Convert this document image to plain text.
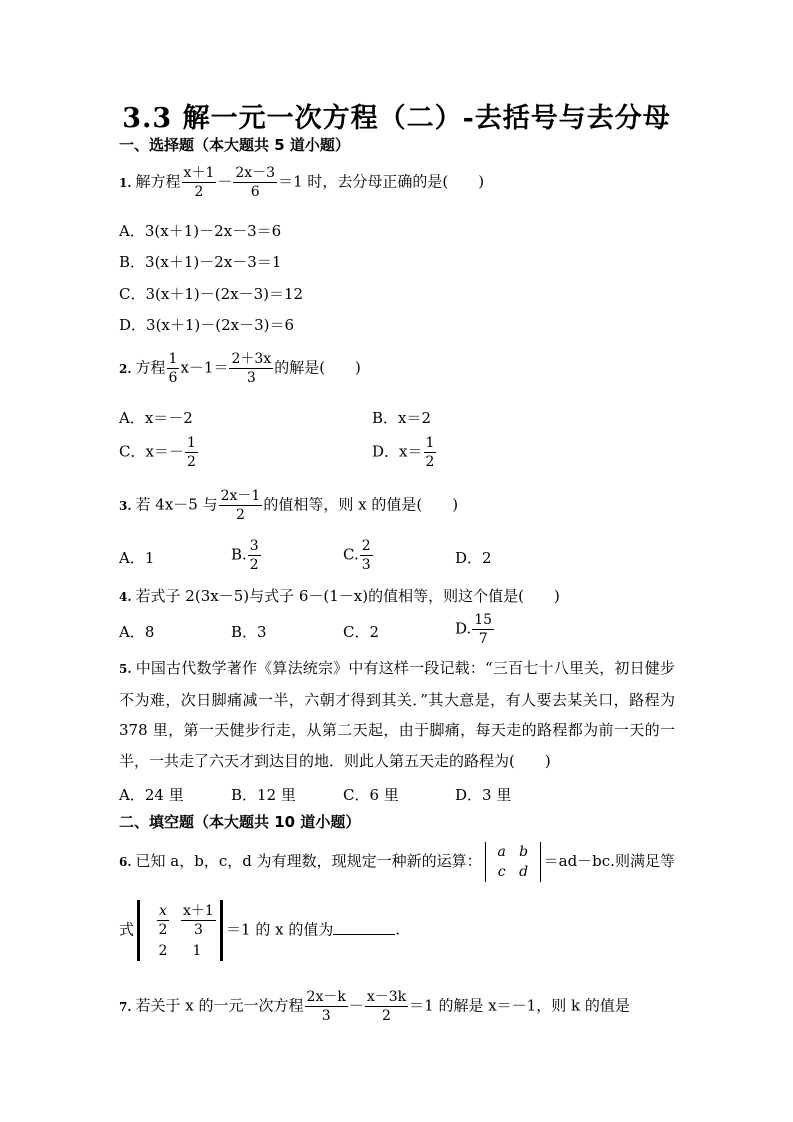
3.3 解一元一次方程（二）-去括号与去分母
一、选择题（本大题共 5 道小题）
1. 解方程 $\frac{x+1}{2} - \frac{2x-3}{6} =1$ 时，去分母正确的是(　　)
A．3(x＋1)－2x－3＝6
B．3(x＋1)－2x－3＝1
C．3(x＋1)－(2x－3)＝12
D．3(x＋1)－(2x－3)＝6
2. 方程 $\frac{1}{6} x-1= \frac{2+3x}{3}$ 的解是(　　)
A．x＝－2	B．x＝2
C．$x=- \frac{1}{2}$	D．$x= \frac{1}{2}$
3. 若 4x－5 与 $\frac{2x-1}{2}$ 的值相等，则 x 的值是(　　)
A．1	B. $\frac{3}{2}$	C. $\frac{2}{3}$	D．2
4. 若式子 2(3x－5)与式子 6－(1－x)的值相等，则这个值是(　　)
A．8	B．3	C．2	D. $\frac{15}{7}$
5. 中国古代数学著作《算法统宗》中有这样一段记载：“三百七十八里关，初日健步不为难，次日脚痛减一半，六朝才得到其关．”其大意是，有人要去某关口，路程为 378 里，第一天健步行走，从第二天起，由于脚痛，每天走的路程都为前一天的一半，一共走了六天才到达目的地．则此人第五天走的路程为(　　)
A．24 里	B．12 里	C．6 里	D．3 里
二、填空题（本大题共 10 道小题）
6. 已知 a，b，c，d 为有理数，现规定一种新的运算：	a b
c d
＝ad－bc.则满足等
式 $\frac{x}{2} \frac{x+1}{3}$
2 1
＝1 的 x 的值为	.
7. 若关于 x 的一元一次方程 $\frac{2x-k}{3} - \frac{x-3k}{2} =1$ 的解是 x＝－1，则 k 的值是
